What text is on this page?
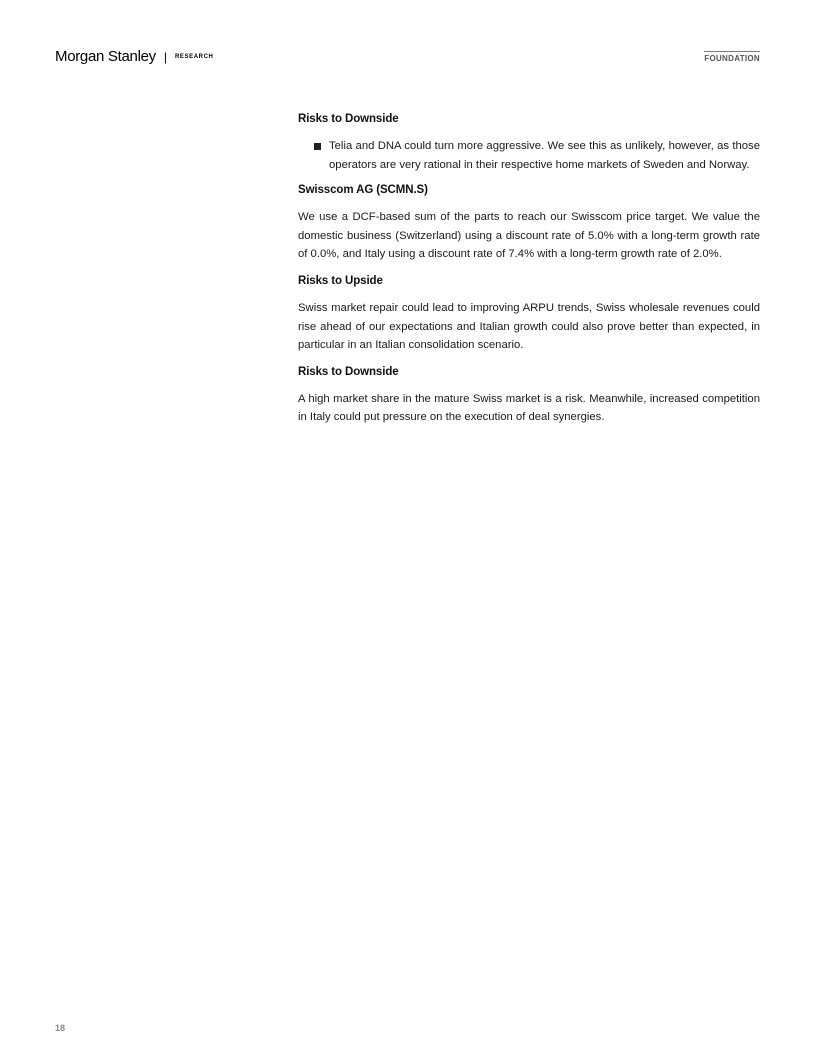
Morgan Stanley | RESEARCH	FOUNDATION
Risks to Downside
Telia and DNA could turn more aggressive. We see this as unlikely, however, as those operators are very rational in their respective home markets of Sweden and Norway.
Swisscom AG (SCMN.S)

We use a DCF-based sum of the parts to reach our Swisscom price target. We value the domestic business (Switzerland) using a discount rate of 5.0% with a long-term growth rate of 0.0%, and Italy using a discount rate of 7.4% with a long-term growth rate of 2.0%.

Risks to Upside

Swiss market repair could lead to improving ARPU trends, Swiss wholesale revenues could rise ahead of our expectations and Italian growth could also prove better than expected, in particular in an Italian consolidation scenario.

Risks to Downside

A high market share in the mature Swiss market is a risk. Meanwhile, increased competition in Italy could put pressure on the execution of deal synergies.

18
